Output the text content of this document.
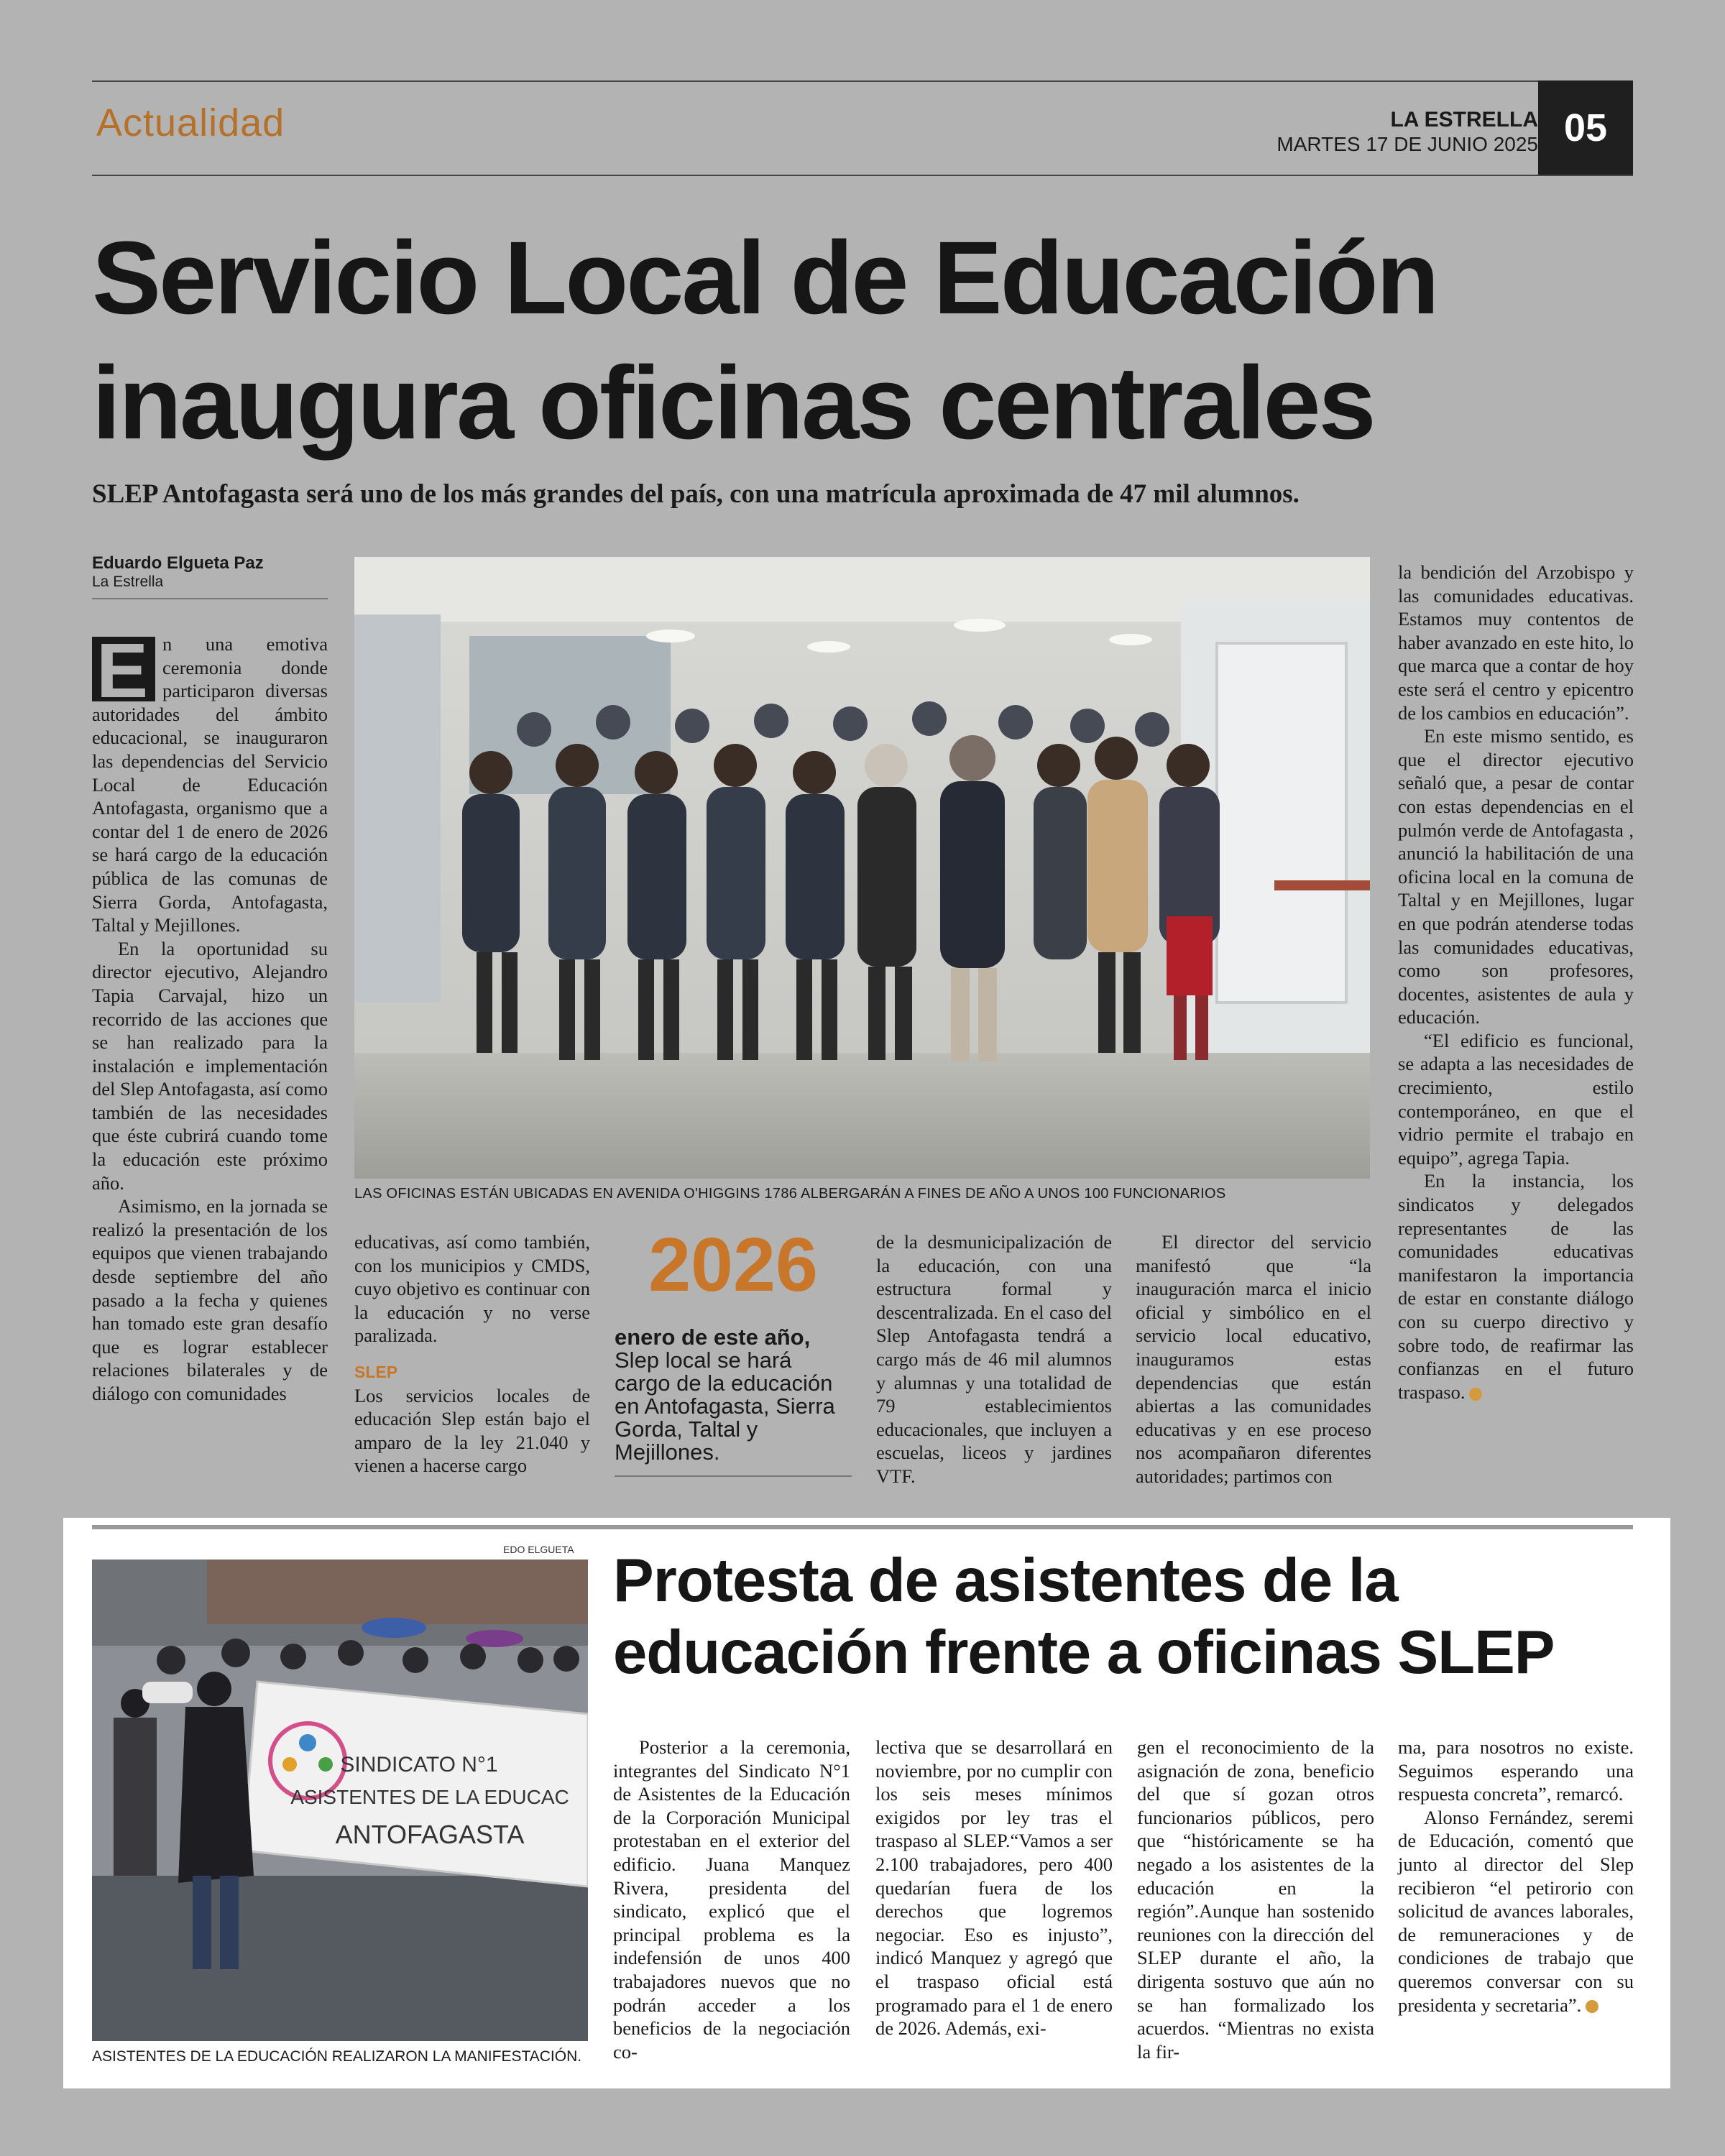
Actualidad	LA ESTRELLA
MARTES 17 DE JUNIO 2025 05
Servicio Local de Educación inaugura oficinas centrales
SLEP Antofagasta será uno de los más grandes del país, con una matrícula aproximada de 47 mil alumnos.
Eduardo Elgueta Paz
La Estrella
E n una emotiva ceremonia donde participaron diversas autoridades del ámbito educacional, se inauguraron las dependencias del Servicio Local de Educación Antofagasta, organismo que a contar del 1 de enero de 2026 se hará cargo de la educación pública de las comunas de Sierra Gorda, Antofagasta, Taltal y Mejillones.

En la oportunidad su director ejecutivo, Alejandro Tapia Carvajal, hizo un recorrido de las acciones que se han realizado para la instalación e implementación del Slep Antofagasta, así como también de las necesidades que éste cubrirá cuando tome la educación este próximo año.

Asimismo, en la jornada se realizó la presentación de los equipos que vienen trabajando desde septiembre del año pasado a la fecha y quienes han tomado este gran desafío que es lograr establecer relaciones bilaterales y de diálogo con comunidades

LAS OFICINAS ESTÁN UBICADAS EN AVENIDA O'HIGGINS 1786 ALBERGARÁN A FINES DE AÑO A UNOS 100 FUNCIONARIOS

educativas, así como también, con los municipios y CMDS, cuyo objetivo es continuar con la educación y no verse paralizada.

SLEP

Los servicios locales de educación Slep están bajo el amparo de la ley 21.040 y vienen a hacerse cargo

2026
enero de este año, Slep local se hará cargo de la educación en Antofagasta, Sierra Gorda, Taltal y Mejillones.

de la desmunicipalización de la educación, con una estructura formal y descentralizada. En el caso del Slep Antofagasta tendrá a cargo más de 46 mil alumnos y alumnas y una totalidad de 79 establecimientos educacionales, que incluyen a escuelas, liceos y jardines VTF.

El director del servicio manifestó que “la inauguración marca el inicio oficial y simbólico en el servicio local educativo, inauguramos estas dependencias que están abiertas a las comunidades educativas y en ese proceso nos acompañaron diferentes autoridades; partimos con

la bendición del Arzobispo y las comunidades educativas. Estamos muy contentos de haber avanzado en este hito, lo que marca que a contar de hoy este será el centro y epicentro de los cambios en educación”.

En este mismo sentido, es que el director ejecutivo señaló que, a pesar de contar con estas dependencias en el pulmón verde de Antofagasta , anunció la habilitación de una oficina local en la comuna de Taltal y en Mejillones, lugar en que podrán atenderse todas las comunidades educativas, como son profesores, docentes, asistentes de aula y educación.

“El edificio es funcional, se adapta a las necesidades de crecimiento, estilo contemporáneo, en que el vidrio permite el trabajo en equipo”, agrega Tapia.

En la instancia, los sindicatos y delegados representantes de las comunidades educativas manifestaron la importancia de estar en constante diálogo con su cuerpo directivo y sobre todo, de reafirmar las confianzas en el futuro traspaso.

EDO ELGUETA
SINDICATO N°1
ASISTENTES DE LA EDUCAC
ANTOFAGASTA
ASISTENTES DE LA EDUCACIÓN REALIZARON LA MANIFESTACIÓN.
Protesta de asistentes de la educación frente a oficinas SLEP

Posterior a la ceremonia, integrantes del Sindicato N°1 de Asistentes de la Educación de la Corporación Municipal protestaban en el exterior del edificio. Juana Manquez Rivera, presidenta del sindicato, explicó que el principal problema es la indefensión de unos 400 trabajadores nuevos que no podrán acceder a los beneficios de la negociación co-

lectiva que se desarrollará en noviembre, por no cumplir con los seis meses mínimos exigidos por ley tras el traspaso al SLEP.“Vamos a ser 2.100 trabajadores, pero 400 quedarían fuera de los derechos que logremos negociar. Eso es injusto”, indicó Manquez y agregó que el traspaso oficial está programado para el 1 de enero de 2026. Además, exi-

gen el reconocimiento de la asignación de zona, beneficio del que sí gozan otros funcionarios públicos, pero que “históricamente se ha negado a los asistentes de la educación en la región”.Aunque han sostenido reuniones con la dirección del SLEP durante el año, la dirigenta sostuvo que aún no se han formalizado los acuerdos. “Mientras no exista la fir-

ma, para nosotros no existe. Seguimos esperando una respuesta concreta”, remarcó.

Alonso Fernández, seremi de Educación, comentó que junto al director del Slep recibieron “el petirorio con solicitud de avances laborales, de remuneraciones y de condiciones de trabajo que queremos conversar con su presidenta y secretaria”.
